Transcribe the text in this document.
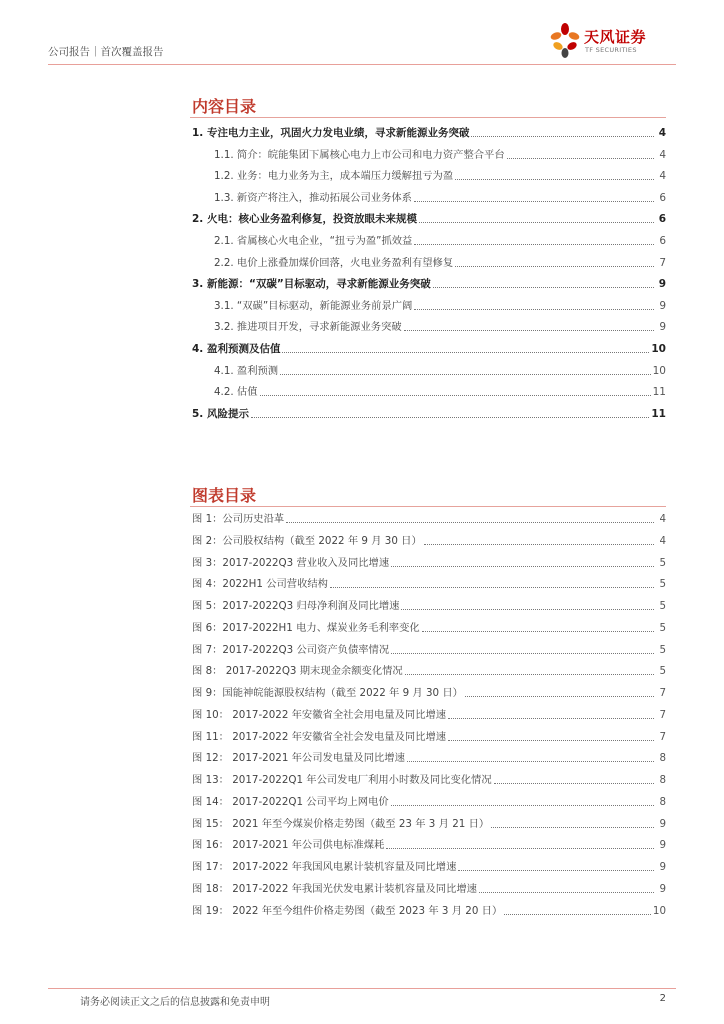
公司报告｜首次覆盖报告
天风证券
TF SECURITIES
内容目录
1. 专注电力主业，巩固火力发电业绩，寻求新能源业务突破	4
1.1. 简介：皖能集团下属核心电力上市公司和电力资产整合平台	4
1.2. 业务：电力业务为主，成本端压力缓解扭亏为盈	4
1.3. 新资产将注入，推动拓展公司业务体系	6
2. 火电：核心业务盈利修复，投资放眼未来规模	6
2.1. 省属核心火电企业，“扭亏为盈”抓效益	6
2.2. 电价上涨叠加煤价回落，火电业务盈利有望修复	7
3. 新能源：“双碳”目标驱动，寻求新能源业务突破	9
3.1. “双碳”目标驱动，新能源业务前景广阔	9
3.2. 推进项目开发，寻求新能源业务突破	9
4. 盈利预测及估值	10
4.1. 盈利预测	10
4.2. 估值	11
5. 风险提示	11
图表目录
图 1：公司历史沿革	4
图 2：公司股权结构（截至 2022 年 9 月 30 日）	4
图 3：2017-2022Q3 营业收入及同比增速	5
图 4：2022H1 公司营收结构	5
图 5：2017-2022Q3 归母净利润及同比增速	5
图 6：2017-2022H1 电力、煤炭业务毛利率变化	5
图 7：2017-2022Q3 公司资产负债率情况	5
图 8： 2017-2022Q3 期末现金余额变化情况	5
图 9：国能神皖能源股权结构（截至 2022 年 9 月 30 日）	7
图 10： 2017-2022 年安徽省全社会用电量及同比增速	7
图 11： 2017-2022 年安徽省全社会发电量及同比增速	7
图 12： 2017-2021 年公司发电量及同比增速	8
图 13： 2017-2022Q1 年公司发电厂利用小时数及同比变化情况	8
图 14： 2017-2022Q1 公司平均上网电价	8
图 15： 2021 年至今煤炭价格走势图（截至 23 年 3 月 21 日）	9
图 16： 2017-2021 年公司供电标准煤耗	9
图 17： 2017-2022 年我国风电累计装机容量及同比增速	9
图 18： 2017-2022 年我国光伏发电累计装机容量及同比增速	9
图 19： 2022 年至今组件价格走势图（截至 2023 年 3 月 20 日）	10
请务必阅读正文之后的信息披露和免责申明	2
